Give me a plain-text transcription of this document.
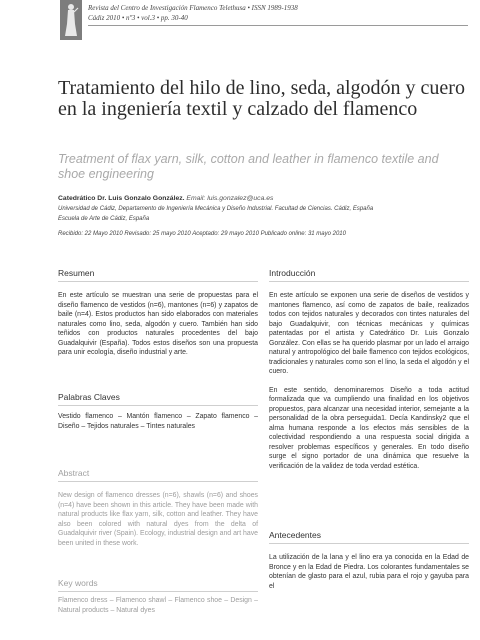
Revista del Centro de Investigación Flamenco Telethusa • ISSN 1989-1938
Cádiz 2010 • nº3 • vol.3 • pp. 30-40
Tratamiento del hilo de lino, seda, algodón y cuero en la ingeniería textil y calzado del flamenco
Treatment of flax yarn, silk, cotton and leather in flamenco textile and shoe engineering
Catedrático Dr. Luis Gonzalo González. Email: luis.gonzalez@uca.es
Universidad de Cádiz, Departamento de Ingeniería Mecánica y Diseño Industrial. Facultad de Ciencias. Cádiz, España
Escuela de Arte de Cádiz, España
Recibido: 22 Mayo 2010 Revisado: 25 mayo 2010 Aceptado: 29 mayo 2010 Publicado online: 31 mayo 2010
Resumen

En este artículo se muestran una serie de propuestas para el diseño flamenco de vestidos (n=6), mantones (n=6) y zapatos de baile (n=4). Estos productos han sido elaborados con materiales naturales como lino, seda, algodón y cuero. También han sido teñidos con productos naturales procedentes del bajo Guadalquivir (España). Todos estos diseños son una propuesta para unir ecología, diseño industrial y arte.

Palabras Claves

Vestido flamenco – Mantón flamenco – Zapato flamenco – Diseño – Tejidos naturales – Tintes naturales

Abstract

New design of flamenco dresses (n=6), shawls (n=6) and shoes (n=4) have been shown in this article. They have been made with natural products like flax yarn, silk, cotton and leather. They have also been colored with natural dyes from the delta of Guadalquivir river (Spain). Ecology, industrial design and art have been united in these work.

Key words

Flamenco dress – Flamenco shawl – Flamenco shoe – Design – Natural products – Natural dyes

Introducción

En este artículo se exponen una serie de diseños de vestidos y mantones flamenco, así como de zapatos de baile, realizados todos con tejidos naturales y decorados con tintes naturales del bajo Guadalquivir, con técnicas mecánicas y químicas patentadas por el artista y Catedrático Dr. Luis Gonzalo González. Con ellas se ha querido plasmar por un lado el arraigo natural y antropológico del baile flamenco con tejidos ecológicos, tradicionales y naturales como son el lino, la seda el algodón y el cuero.

En este sentido, denominaremos Diseño a toda actitud formalizada que va cumpliendo una finalidad en los objetivos propuestos, para alcanzar una necesidad interior, semejante a la personalidad de la obra perseguida1. Decía Kandinsky2 que el alma humana responde a los efectos más sensibles de la colectividad respondiendo a una respuesta social dirigida a resolver problemas específicos y generales. En todo diseño surge el signo portador de una dinámica que resuelve la verificación de la validez de toda verdad estética.

Antecedentes

La utilización de la lana y el lino era ya conocida en la Edad de Bronce y en la Edad de Piedra. Los colorantes fundamentales se obtenían de glasto para el azul, rubia para el rojo y gayuba para el
